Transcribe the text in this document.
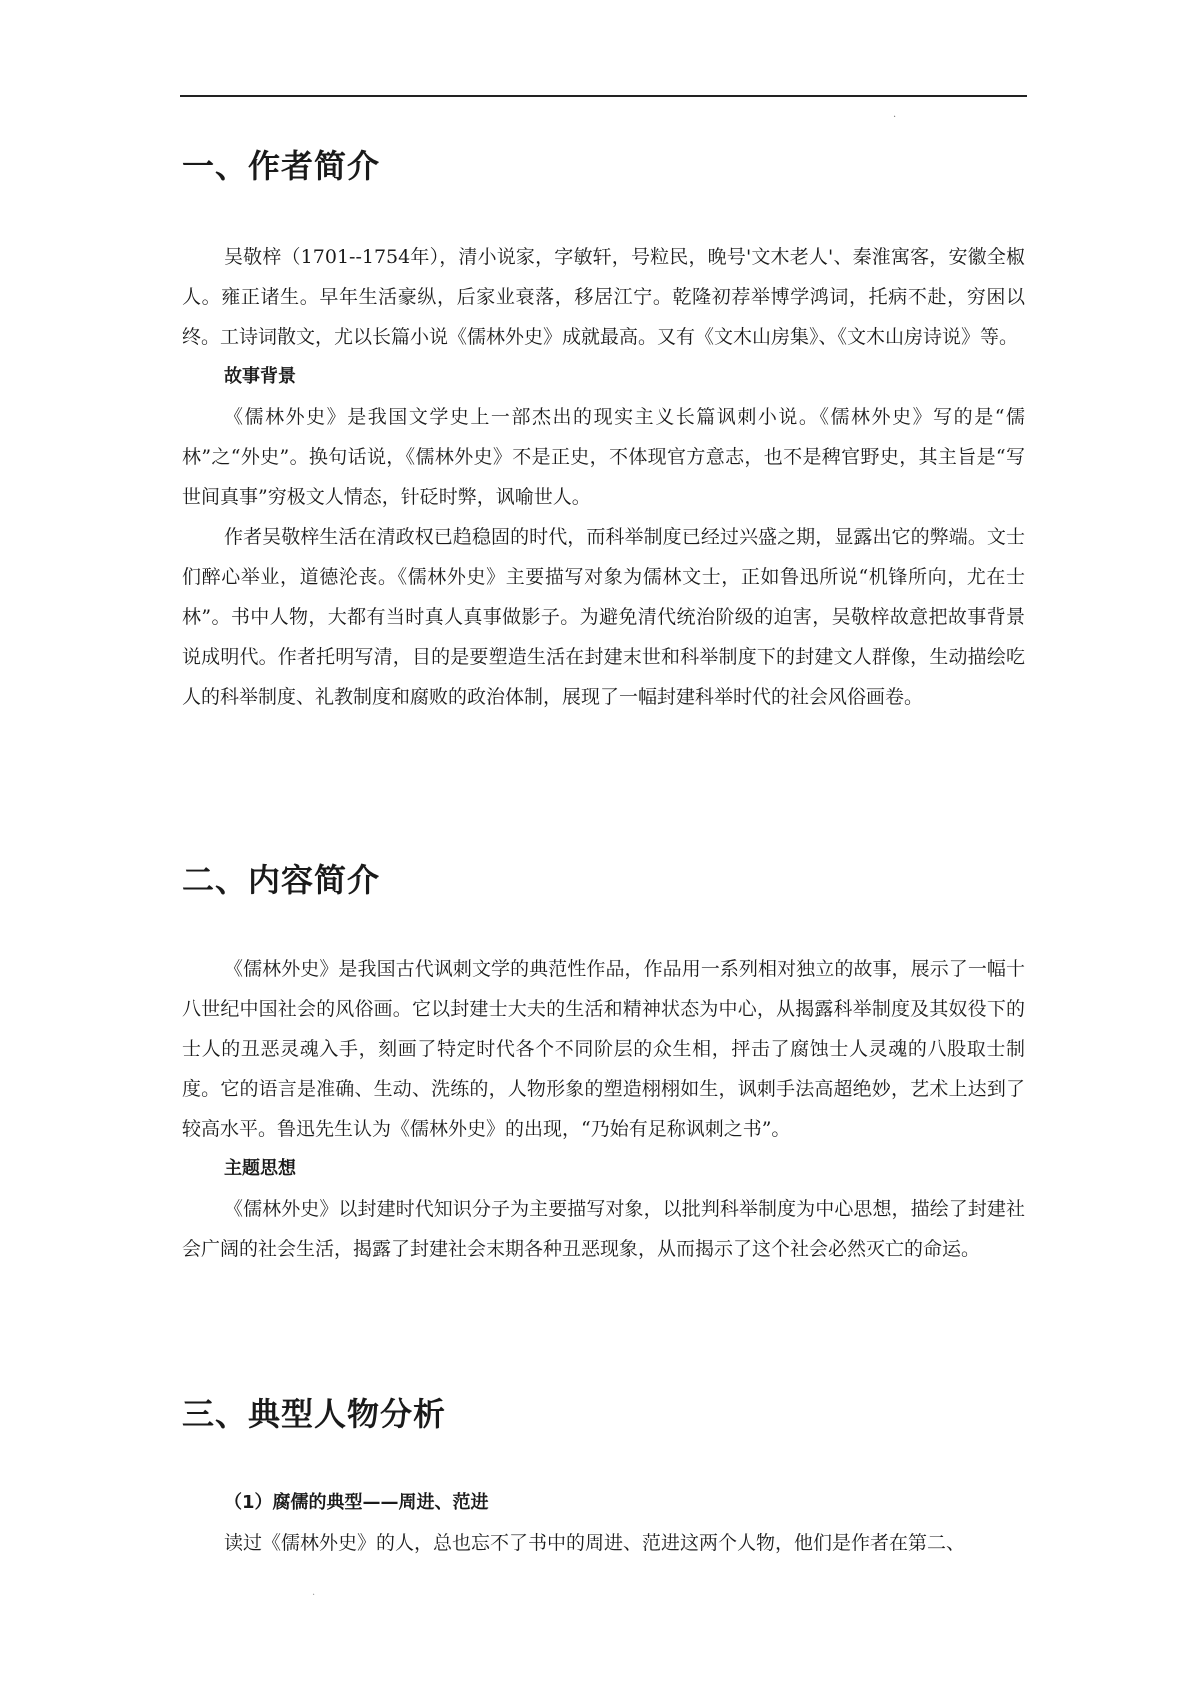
.
一、作者简介

吴敬梓（1701--1754年），清小说家，字敏轩，号粒民，晚号'文木老人'、秦淮寓客，安徽全椒人。雍正诸生。早年生活豪纵，后家业衰落，移居江宁。乾隆初荐举博学鸿词，托病不赴，穷困以终。工诗词散文，尤以长篇小说《儒林外史》成就最高。又有《文木山房集》、《文木山房诗说》等。

故事背景

《儒林外史》是我国文学史上一部杰出的现实主义长篇讽刺小说。《儒林外史》写的是“儒林”之“外史”。换句话说，《儒林外史》不是正史，不体现官方意志，也不是稗官野史，其主旨是“写世间真事”穷极文人情态，针砭时弊，讽喻世人。

作者吴敬梓生活在清政权已趋稳固的时代，而科举制度已经过兴盛之期，显露出它的弊端。文士们醉心举业，道德沦丧。《儒林外史》主要描写对象为儒林文士，正如鲁迅所说“机锋所向，尤在士林”。书中人物，大都有当时真人真事做影子。为避免清代统治阶级的迫害，吴敬梓故意把故事背景说成明代。作者托明写清，目的是要塑造生活在封建末世和科举制度下的封建文人群像，生动描绘吃人的科举制度、礼教制度和腐败的政治体制，展现了一幅封建科举时代的社会风俗画卷。

二、内容简介

《儒林外史》是我国古代讽刺文学的典范性作品，作品用一系列相对独立的故事，展示了一幅十八世纪中国社会的风俗画。它以封建士大夫的生活和精神状态为中心，从揭露科举制度及其奴役下的士人的丑恶灵魂入手，刻画了特定时代各个不同阶层的众生相，抨击了腐蚀士人灵魂的八股取士制度。它的语言是准确、生动、洗练的，人物形象的塑造栩栩如生，讽刺手法高超绝妙，艺术上达到了较高水平。鲁迅先生认为《儒林外史》的出现，“乃始有足称讽刺之书”。

主题思想

《儒林外史》以封建时代知识分子为主要描写对象，以批判科举制度为中心思想，描绘了封建社会广阔的社会生活，揭露了封建社会末期各种丑恶现象，从而揭示了这个社会必然灭亡的命运。

三、典型人物分析

（1）腐儒的典型——周进、范进

读过《儒林外史》的人，总也忘不了书中的周进、范进这两个人物，他们是作者在第二、

.
